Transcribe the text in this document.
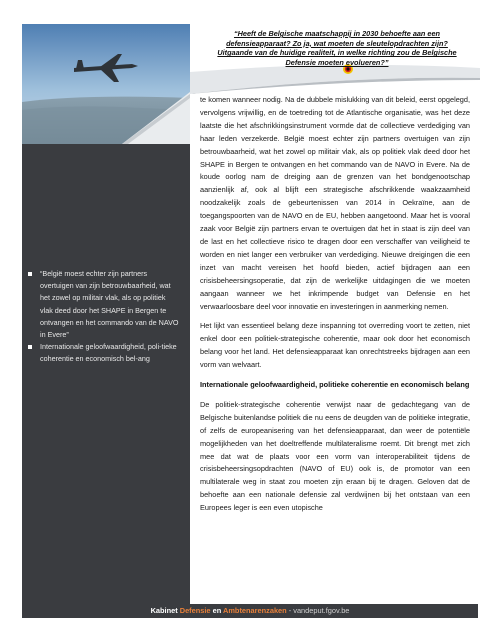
“Heeft de Belgische maatschappij in 2030 behoefte aan een
defensieapparaat? Zo ja, wat moeten de sleutelopdrachten zijn?
Uitgaande van de huidige realiteit, in welke richting zou de Belgische
Defensie moeten evolueren?”
“België moest echter zijn partners overtuigen van zijn betrouwbaarheid, wat het zowel op militair vlak, als op politiek vlak deed door het SHAPE in Bergen te ontvangen en het commando van de NAVO in Evere”
Internationale geloofwaardigheid, poli-tieke coherentie en economisch bel-ang

te komen wanneer nodig. Na de dubbele mislukking van dit beleid, eerst opgelegd, vervolgens vrijwillig, en de toetreding tot de Atlantische organisatie, was het deze laatste die het afschrikkingsinstrument vormde dat de collectieve verdediging van haar leden verzekerde. België moest echter zijn partners overtuigen van zijn betrouwbaarheid, wat het zowel op militair vlak, als op politiek vlak deed door het SHAPE in Bergen te ontvangen en het commando van de NAVO in Evere. Na de koude oorlog nam de dreiging aan de grenzen van het bondgenootschap aanzienlijk af, ook al blijft een strategische afschrikkende waakzaamheid noodzakelijk zoals de gebeurtenissen van 2014 in Oekraïne, aan de toegangspoorten van de NAVO en de EU, hebben aangetoond. Maar het is vooral zaak voor België zijn partners ervan te overtuigen dat het in staat is zijn deel van de last en het collectieve risico te dragen door een verschaffer van veiligheid te worden en niet langer een verbruiker van verdediging. Nieuwe dreigingen die een inzet van macht vereisen het hoofd bieden, actief bijdragen aan een crisisbeheersingsoperatie, dat zijn de werkelijke uitdagingen die we moeten aangaan wanneer we het inkrimpende budget van Defensie en het verwaarloosbare deel voor innovatie en investeringen in aanmerking nemen.

Het lijkt van essentieel belang deze inspanning tot overreding voort te zetten, niet enkel door een politiek-strategische coherentie, maar ook door het economisch belang voor het land. Het defensieapparaat kan onrechtstreeks bijdragen aan een vorm van welvaart.

Internationale geloofwaardigheid, politieke coherentie en economisch belang

De politiek-strategische coherentie verwijst naar de gedachtegang van de Belgische buitenlandse politiek die nu eens de deugden van de politieke integratie, of zelfs de europeanisering van het defensieapparaat, dan weer de potentiële mogelijkheden van het doeltreffende multilateralisme roemt. Dit brengt met zich mee dat wat de plaats voor een vorm van interoperabiliteit tijdens de crisisbeheersingsopdrachten (NAVO of EU) ook is, de promotor van een multilaterale weg in staat zou moeten zijn eraan bij te dragen. Geloven dat de behoefte aan een nationale defensie zal verdwijnen bij het ontstaan van een Europees leger is een even utopische

Kabinet Defensie en Ambtenarenzaken - vandeput.fgov.be
